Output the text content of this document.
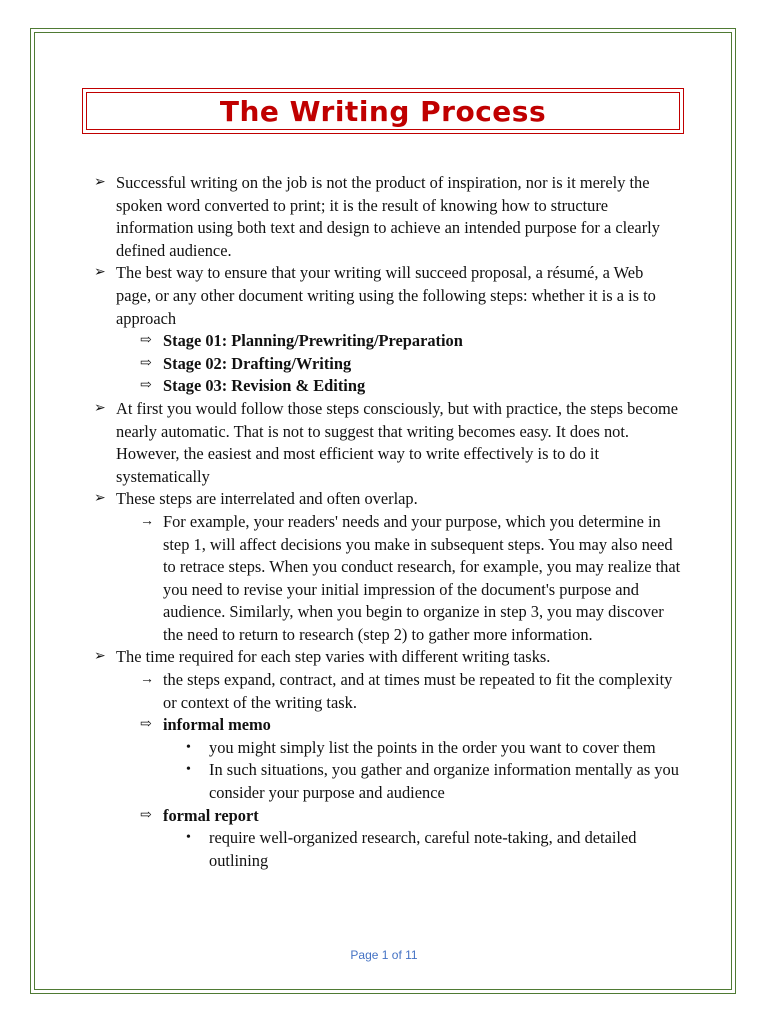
The Writing Process
➢ Successful writing on the job is not the product of inspiration, nor is it merely the spoken word converted to print; it is the result of knowing how to structure information using both text and design to achieve an intended purpose for a clearly defined audience.
➢ The best way to ensure that your writing will succeed proposal, a résumé, a Web page, or any other document writing using the following steps: whether it is a is to approach
⇨ Stage 01: Planning/Prewriting/Preparation
⇨ Stage 02: Drafting/Writing
⇨ Stage 03: Revision & Editing
➢ At first you would follow those steps consciously, but with practice, the steps become nearly automatic. That is not to suggest that writing becomes easy. It does not. However, the easiest and most efficient way to write effectively is to do it systematically
➢ These steps are interrelated and often overlap.
→ For example, your readers' needs and your purpose, which you determine in step 1, will affect decisions you make in subsequent steps. You may also need to retrace steps. When you conduct research, for example, you may realize that you need to revise your initial impression of the document's purpose and audience. Similarly, when you begin to organize in step 3, you may discover the need to return to research (step 2) to gather more information.
➢ The time required for each step varies with different writing tasks.
→ the steps expand, contract, and at times must be repeated to fit the complexity or context of the writing task.
⇨ informal memo
• you might simply list the points in the order you want to cover them
• In such situations, you gather and organize information mentally as you consider your purpose and audience
⇨ formal report
• require well-organized research, careful note-taking, and detailed outlining
Page 1 of 11
